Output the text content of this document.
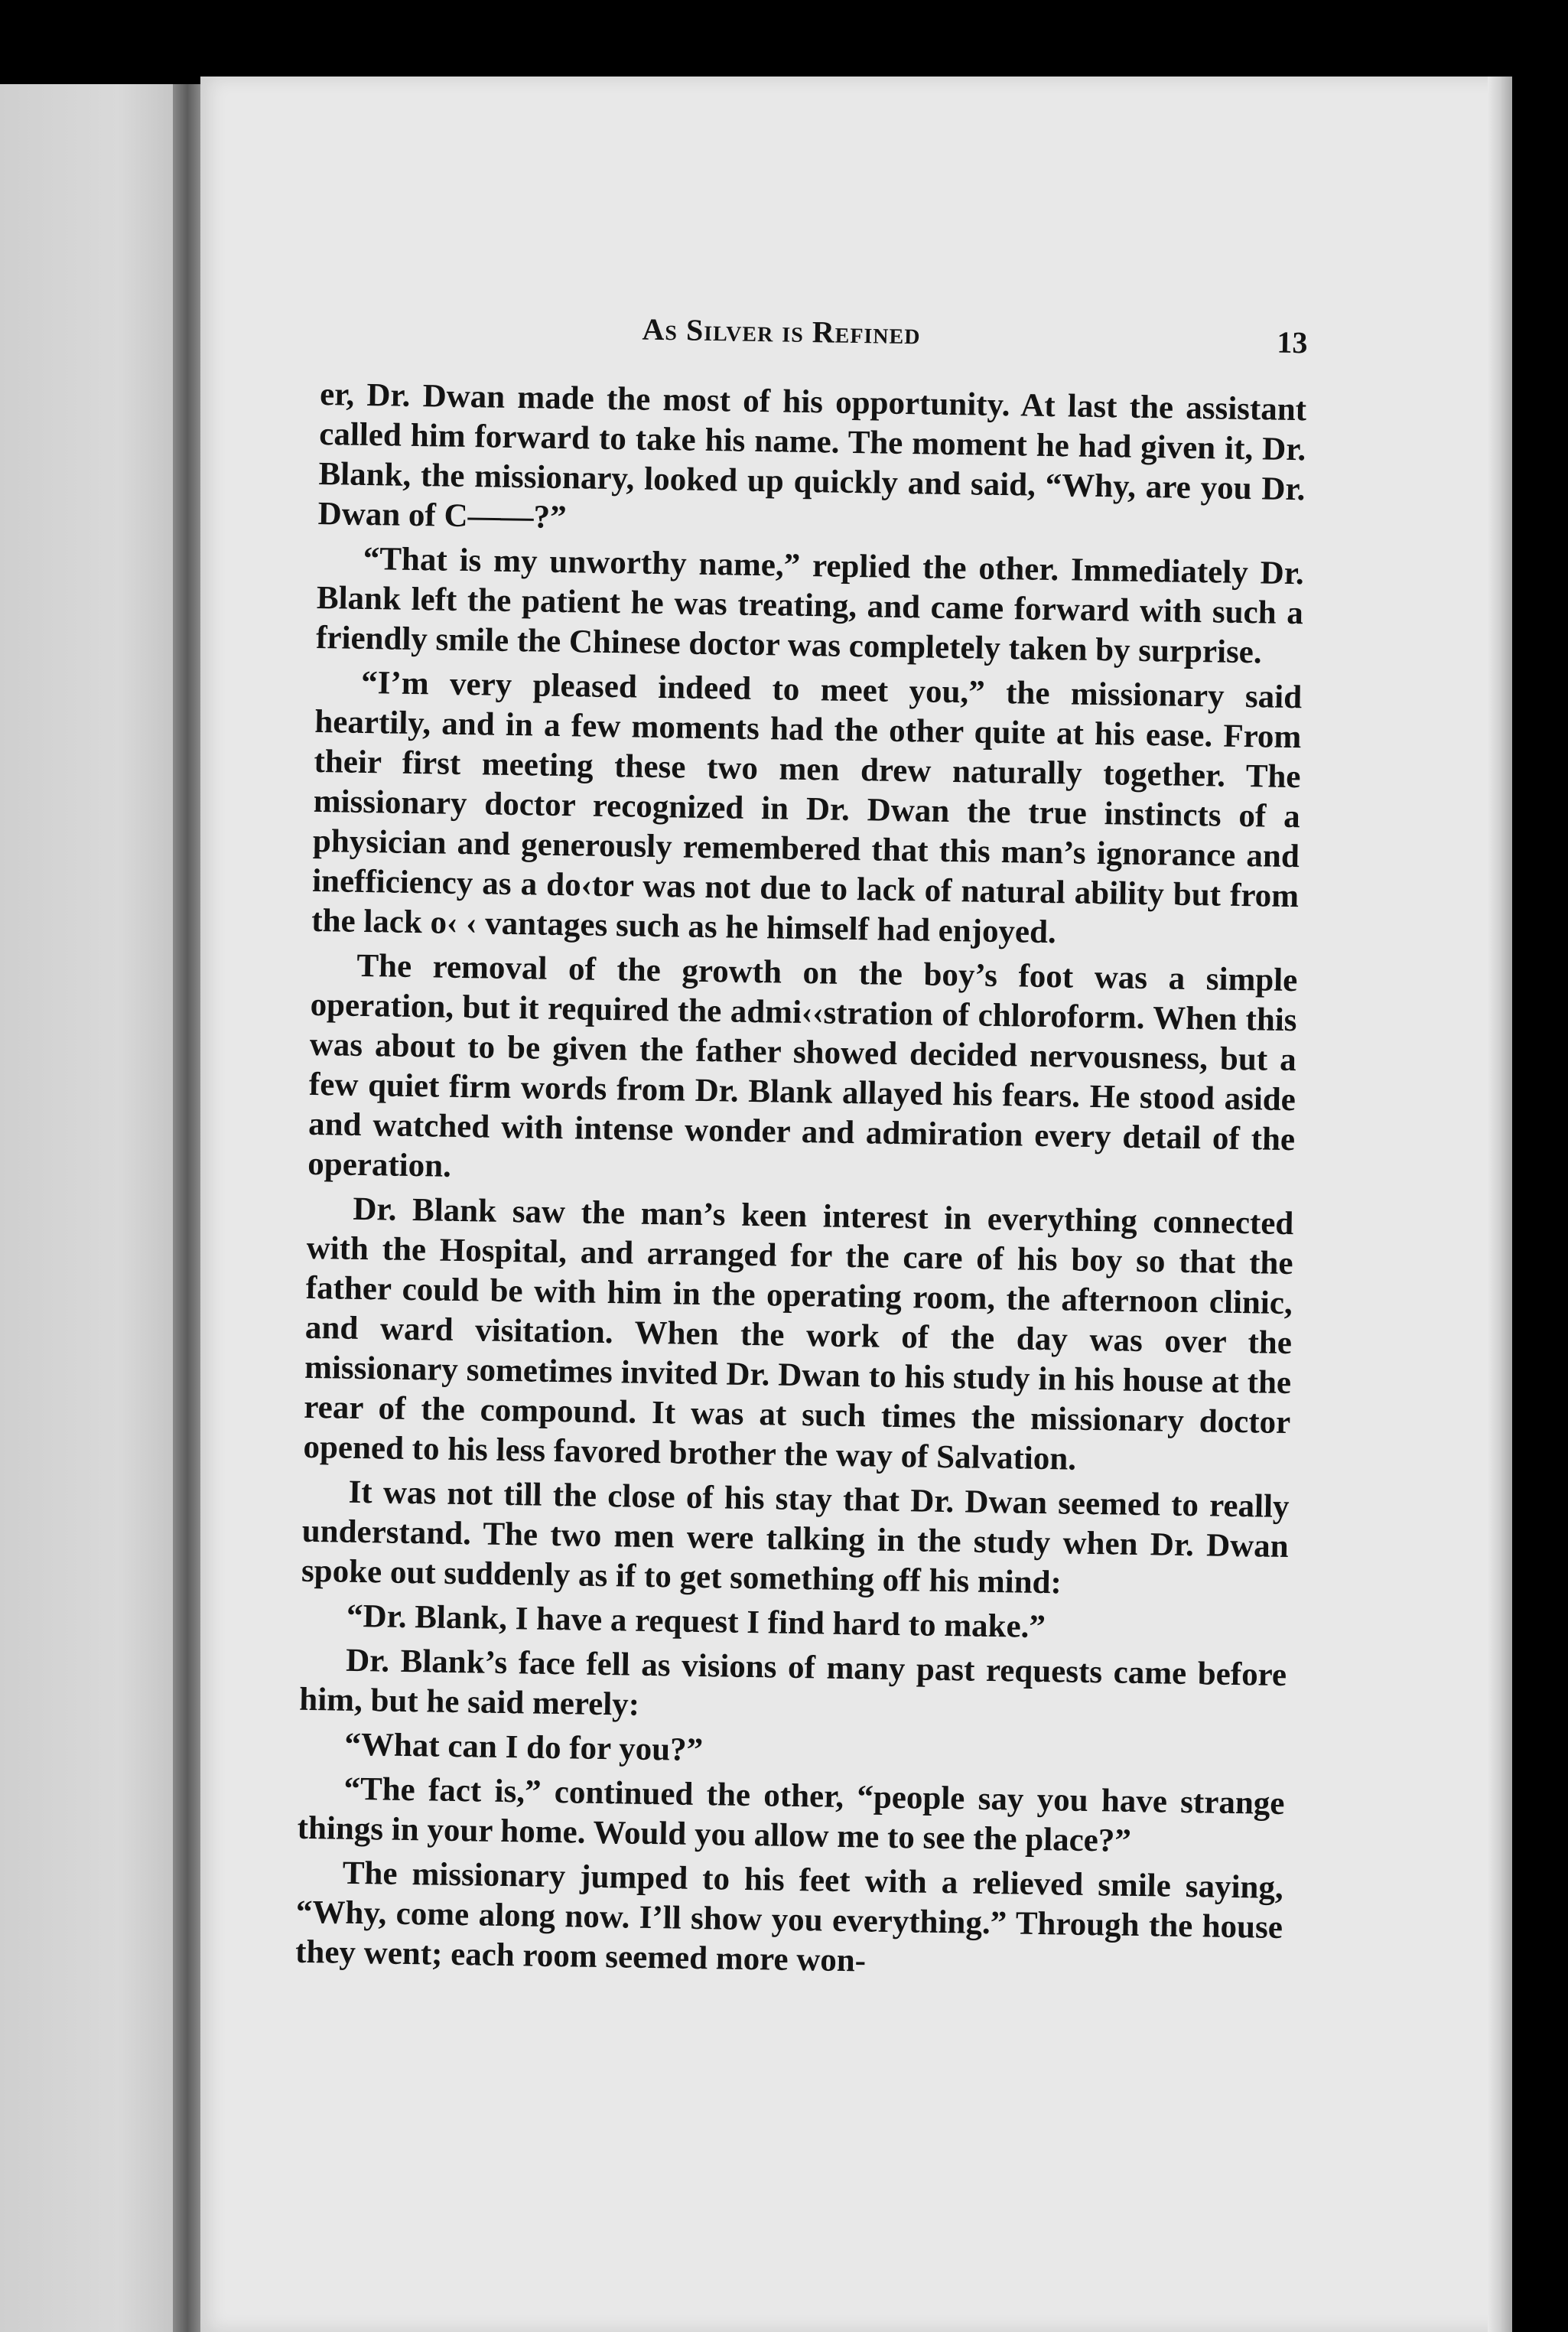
As Silver is Refined	13

er, Dr. Dwan made the most of his opportunity. At last the assistant called him forward to take his name. The moment he had given it, Dr. Blank, the missionary, looked up quickly and said, “Why, are you Dr. Dwan of C——?”

“That is my unworthy name,” replied the other. Immediately Dr. Blank left the patient he was treating, and came forward with such a friendly smile the Chinese doctor was completely taken by surprise.

“I’m very pleased indeed to meet you,” the missionary said heartily, and in a few moments had the other quite at his ease. From their first meeting these two men drew naturally together. The missionary doctor recognized in Dr. Dwan the true instincts of a physician and generously remembered that this man’s ignorance and inefficiency as a do‹tor was not due to lack of natural ability but from the lack o‹ ‹ vantages such as he himself had enjoyed.

The removal of the growth on the boy’s foot was a simple operation, but it required the admi‹‹stration of chloroform. When this was about to be given the father showed decided nervousness, but a few quiet firm words from Dr. Blank allayed his fears. He stood aside and watched with intense wonder and admiration every detail of the operation.

Dr. Blank saw the man’s keen interest in everything connected with the Hospital, and arranged for the care of his boy so that the father could be with him in the operating room, the afternoon clinic, and ward visitation. When the work of the day was over the missionary sometimes invited Dr. Dwan to his study in his house at the rear of the compound. It was at such times the missionary doctor opened to his less favored brother the way of Salvation.

It was not till the close of his stay that Dr. Dwan seemed to really understand. The two men were talking in the study when Dr. Dwan spoke out suddenly as if to get something off his mind:

“Dr. Blank, I have a request I find hard to make.”

Dr. Blank’s face fell as visions of many past requests came before him, but he said merely:

“What can I do for you?”

“The fact is,” continued the other, “people say you have strange things in your home. Would you allow me to see the place?”

The missionary jumped to his feet with a relieved smile saying, “Why, come along now. I’ll show you everything.” Through the house they went; each room seemed more won-
